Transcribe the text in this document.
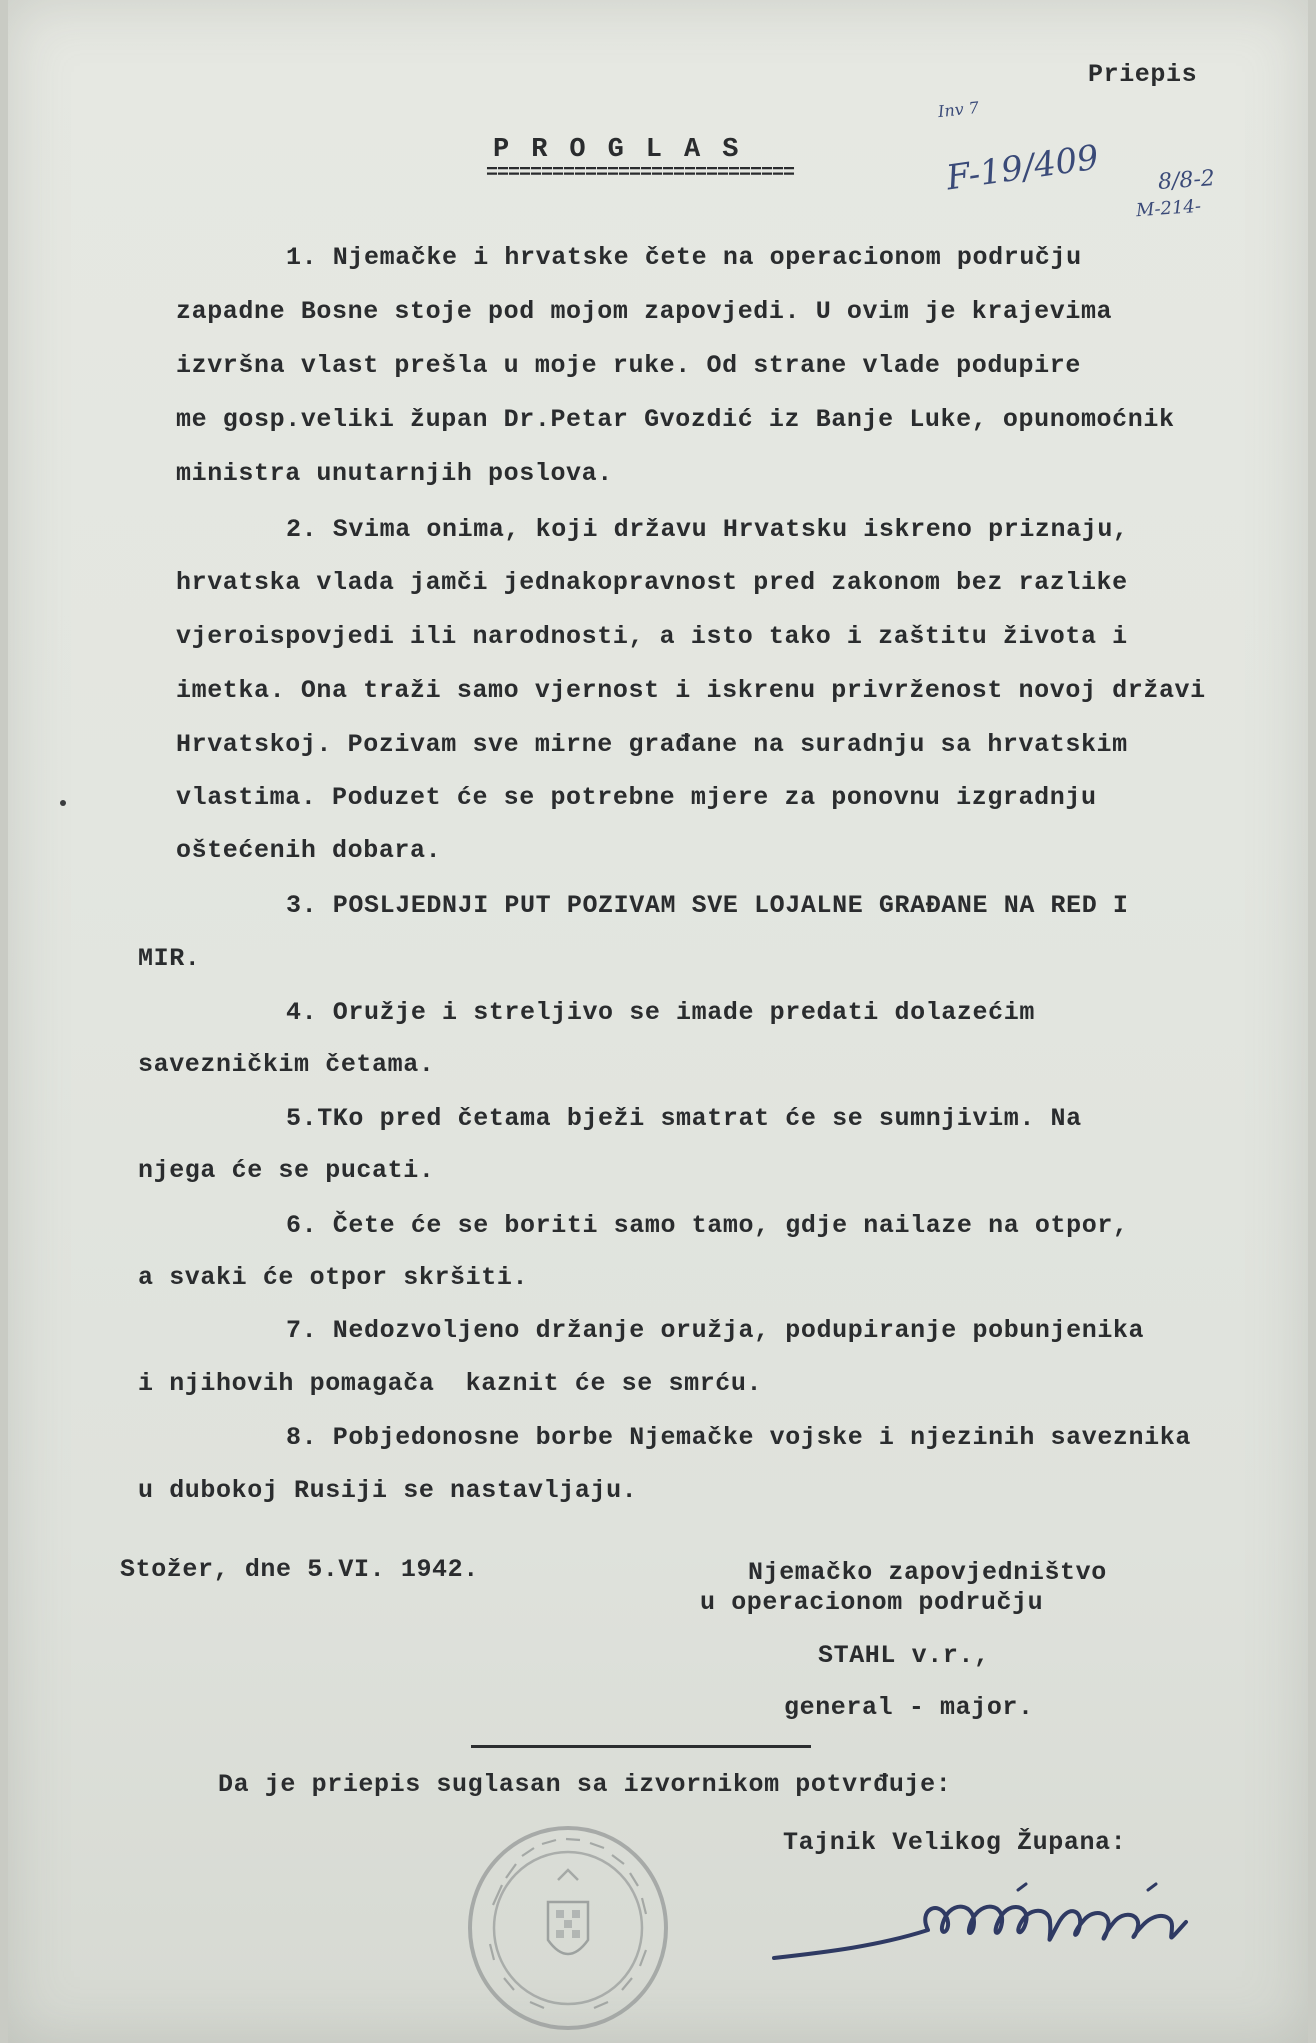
Priepis
Inv 7
F-19/409	8/8-2
M-214-
PROGLAS
============================
1. Njemačke i hrvatske čete na operacionom području
zapadne Bosne stoje pod mojom zapovjedi. U ovim je krajevima
izvršna vlast prešla u moje ruke. Od strane vlade podupire
me gosp.veliki župan Dr.Petar Gvozdić iz Banje Luke, opunomoćnik
ministra unutarnjih poslova.
2. Svima onima, koji državu Hrvatsku iskreno priznaju,
hrvatska vlada jamči jednakopravnost pred zakonom bez razlike
vjeroispovjedi ili narodnosti, a isto tako i zaštitu života i
imetka. Ona traži samo vjernost i iskrenu privrženost novoj državi
Hrvatskoj. Pozivam sve mirne građane na suradnju sa hrvatskim
vlastima. Poduzet će se potrebne mjere za ponovnu izgradnju
oštećenih dobara.
3. POSLJEDNJI PUT POZIVAM SVE LOJALNE GRAĐANE NA RED I
MIR.
4. Oružje i streljivo se imade predati dolazećim
savezničkim četama.
5.TKo pred četama bježi smatrat će se sumnjivim. Na
njega će se pucati.
6. Čete će se boriti samo tamo, gdje nailaze na otpor,
a svaki će otpor skršiti.
7. Nedozvoljeno držanje oružja, podupiranje pobunjenika
i njihovih pomagača  kaznit će se smrću.
8. Pobjedonosne borbe Njemačke vojske i njezinih saveznika
u dubokoj Rusiji se nastavljaju.
Stožer, dne 5.VI. 1942.	Njemačko zapovjedništvo
u operacionom području
STAHL v.r.,
general - major.
Da je priepis suglasan sa izvornikom potvrđuje:
Tajnik Velikog Župana:
